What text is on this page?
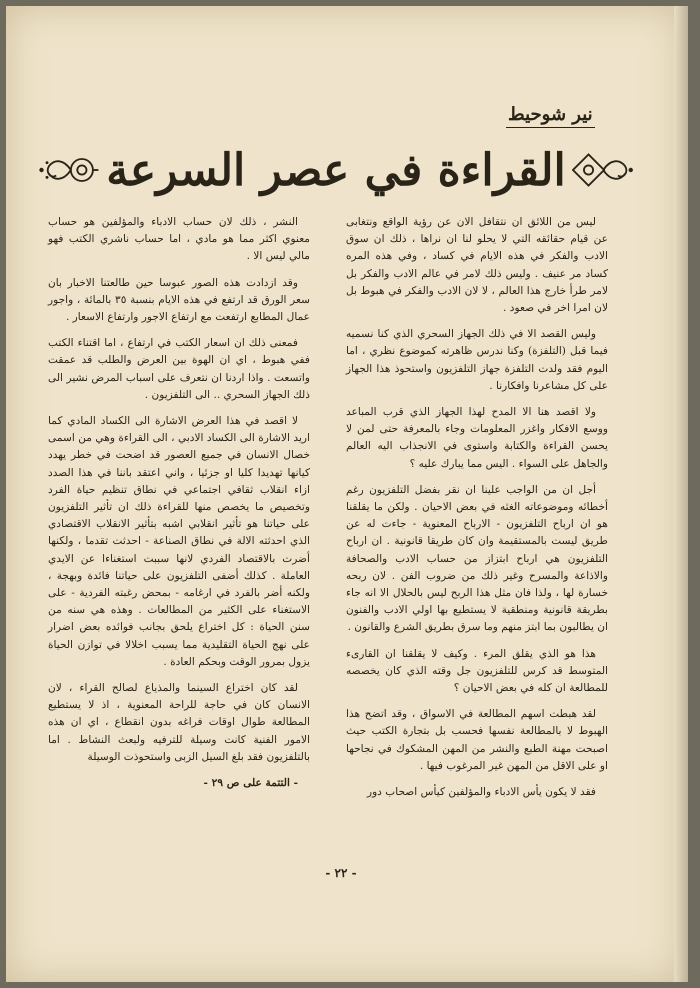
نير شوحيط
القراءة في عصر السرعة

ليس من اللائق ان نتقافل الان عن رؤية الواقع ونتغابى عن قيام حقائقه التي لا يحلو لنا ان نراها ، ذلك ان سوق الادب والفكر في هذه الايام في كساد ، وفي هذه المره كساد مر عنيف . وليس ذلك لامر في عالم الادب والفكر بل لامر طرأ خارج هذا العالم ، لا لان الادب والفكر في هبوط بل لان امرا اخر في صعود .

وليس القصد الا في ذلك الجهاز السحري الذي كنا نسميه فيما قبل (التلفزة) وكنا ندرس ظاهرته كموضوع نظري ، اما اليوم فقد ولدت التلفزة جهاز التلفزيون واستحوذ هذا الجهاز على كل مشاعرنا وافكارنا .

ولا اقصد هنا الا المدح لهذا الجهاز الذي قرب المباعد ووسع الافكار واغزر المعلومات وجاء بالمعرفة حتى لمن لا يحسن القراءة والكتابة واستوى في الانجذاب اليه العالم والجاهل على السواء . اليس مما يبارك عليه ؟

أجل ان من الواجب علينا ان نقر بفضل التلفزيون رغم أخطائه وموضوعاته الغثه في بعض الاحيان . ولكن ما يقلقنا هو ان ارباح التلفزيون - الارباح المعنوية - جاءت له عن طريق ليست بالمستقيمة وان كان طريقا قانونية . ان ارباح التلفزيون هي ارباح ابتزاز من حساب الادب والصحافة والاذاعة والمسرح وغير ذلك من ضروب الفن . لان ربحه خسارة لها ، ولذا فان مثل هذا الربح ليس بالحلال الا انه جاء بطريقة قانونية ومنطقية لا يستطيع بها اولي الادب والفنون ان يطالبون بما ابتز منهم وما سرق بطريق الشرع والقانون .

هذا هو الذي يقلق المرء . وكيف لا يقلقنا ان القارىء المتوسط قد كرس للتلفزيون جل وقته الذي كان يخصصه للمطالعة ان كله في بعض الاحيان ؟

لقد هبطت اسهم المطالعة في الاسواق ، وقد اتضح هذا الهبوط لا بالمطالعة نفسها فحسب بل بتجارة الكتب حيث اصبحت مهنة الطبع والنشر من المهن المشكوك في نجاحها او على الاقل من المهن غير المرغوب فيها .

فقد لا يكون يأس الادباء والمؤلفين كيأس اصحاب دور

النشر ، ذلك لان حساب الادباء والمؤلفين هو حساب معنوي اكثر مما هو مادي ، اما حساب ناشري الكتب فهو مالي ليس الا .

وقد ازدادت هذه الصور عبوسا حين طالعتنا الاخبار بان سعر الورق قد ارتفع في هذه الايام بنسبة ٣٥ بالمائة ، واجور عمال المطابع ارتفعت مع ارتفاع الاجور وارتفاع الاسعار .

فمعنى ذلك ان اسعار الكتب في ارتفاع ، اما اقتناء الكتب ففي هبوط ، اي ان الهوة بين العرض والطلب قد عمقت واتسعت . واذا اردنا ان نتعرف على اسباب المرض نشير الى ذلك الجهاز السحري .. الى التلفزيون .

لا اقصد في هذا العرض الاشارة الى الكساد المادي كما اريد الاشارة الى الكساد الادبي ، الى القراءة وهي من اسمى خصال الانسان في جميع العصور قد اضحت في خطر يهدد كيانها تهديدا كليا او جزئيا ، واني اعتقد باننا في هذا الصدد ازاء انقلاب ثقافي اجتماعي في نطاق تنظيم حياة الفرد وتخصيص ما يخصص منها للقراءة ذلك ان تأثير التلفزيون على حياتنا هو تأثير انقلابي اشبه بتأثير الانقلاب الاقتصادي الذي احدثته الالة في نطاق الصناعة - احدثت تقدما ، ولكنها أضرت بالاقتصاد الفردي لانها سببت استغناءا عن الايدي العاملة . كذلك أضفى التلفزيون على حياتنا فائدة وبهجة ، ولكنه أضر بالفرد في ارغامه - بمحض رغبته الفردية - على الاستغناء على الكثير من المطالعات . وهذه هي سنه من سنن الحياة : كل اختراع يلحق بجانب فوائده بعض اضرار على نهج الحياة التقليدية مما يسبب اخلالا في توازن الحياة يزول بمرور الوقت وبحكم العادة .

لقد كان اختراع السينما والمذياع لصالح القراء ، لان الانسان كان في حاجة للراحة المعنوية ، اذ لا يستطيع المطالعة طوال اوقات فراغه بدون انقطاع ، اي ان هذه الامور الفنية كانت وسيلة للترفيه ولبعث النشاط . اما بالتلفزيون فقد بلغ السيل الزبى واستحوذت الوسيلة

- التتمة على ص ٢٩ -

- ٢٢ -
